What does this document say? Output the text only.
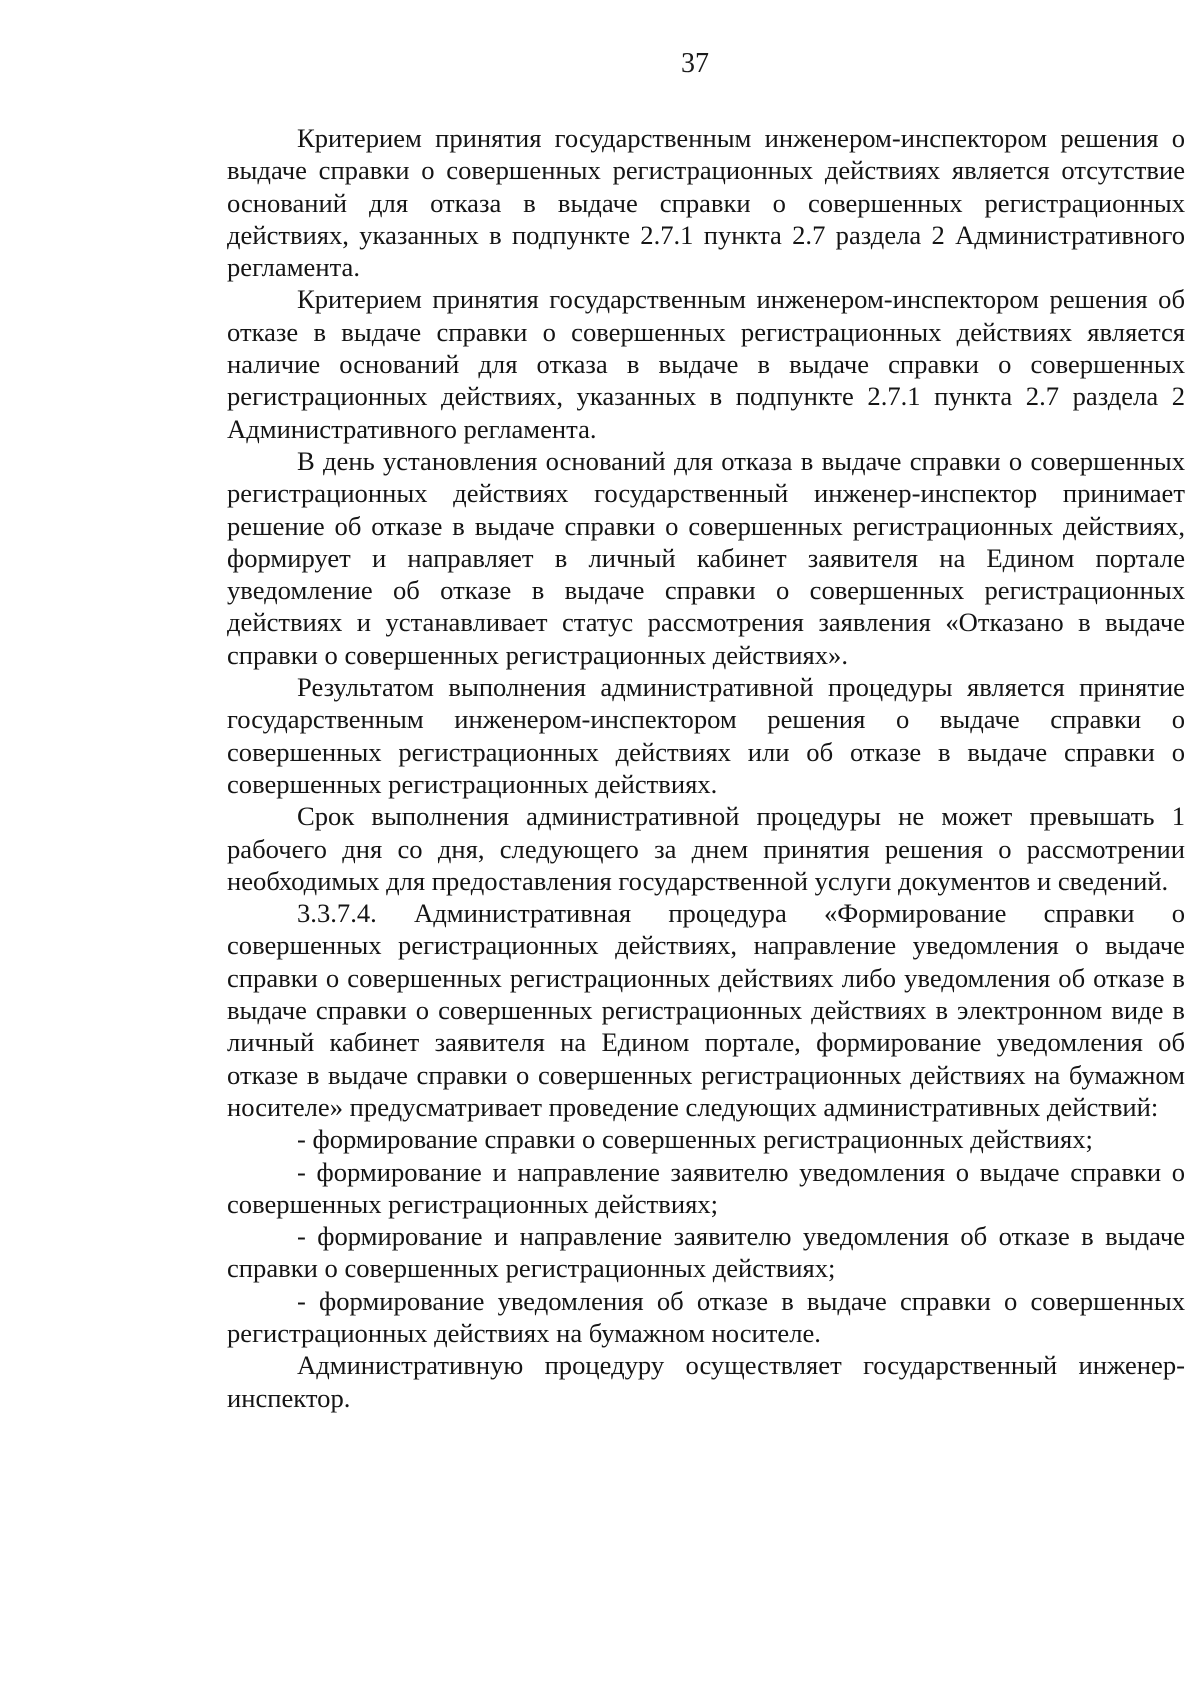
37

Критерием принятия государственным инженером-инспектором решения о выдаче справки о совершенных регистрационных действиях является отсутствие оснований для отказа в выдаче справки о совершенных регистрационных действиях, указанных в подпункте 2.7.1 пункта 2.7 раздела 2 Административного регламента.

Критерием принятия государственным инженером-инспектором решения об отказе в выдаче справки о совершенных регистрационных действиях является наличие оснований для отказа в выдаче в выдаче справки о совершенных регистрационных действиях, указанных в подпункте 2.7.1 пункта 2.7 раздела 2 Административного регламента.

В день установления оснований для отказа в выдаче справки о совершенных регистрационных действиях государственный инженер-инспектор принимает решение об отказе в выдаче справки о совершенных регистрационных действиях, формирует и направляет в личный кабинет заявителя на Едином портале уведомление об отказе в выдаче справки о совершенных регистрационных действиях и устанавливает статус рассмотрения заявления «Отказано в выдаче справки о совершенных регистрационных действиях».

Результатом выполнения административной процедуры является принятие государственным инженером-инспектором решения о выдаче справки о совершенных регистрационных действиях или об отказе в выдаче справки о совершенных регистрационных действиях.

Срок выполнения административной процедуры не может превышать 1 рабочего дня со дня, следующего за днем принятия решения о рассмотрении необходимых для предоставления государственной услуги документов и сведений.

3.3.7.4. Административная процедура «Формирование справки о совершенных регистрационных действиях, направление уведомления о выдаче справки о совершенных регистрационных действиях либо уведомления об отказе в выдаче справки о совершенных регистрационных действиях в электронном виде в личный кабинет заявителя на Едином портале, формирование уведомления об отказе в выдаче справки о совершенных регистрационных действиях на бумажном носителе» предусматривает проведение следующих административных действий:

- формирование справки о совершенных регистрационных действиях;

- формирование и направление заявителю уведомления о выдаче справки о совершенных регистрационных действиях;

- формирование и направление заявителю уведомления об отказе в выдаче справки о совершенных регистрационных действиях;

- формирование уведомления об отказе в выдаче справки о совершенных регистрационных действиях на бумажном носителе.

Административную процедуру осуществляет государственный инженер-инспектор.
